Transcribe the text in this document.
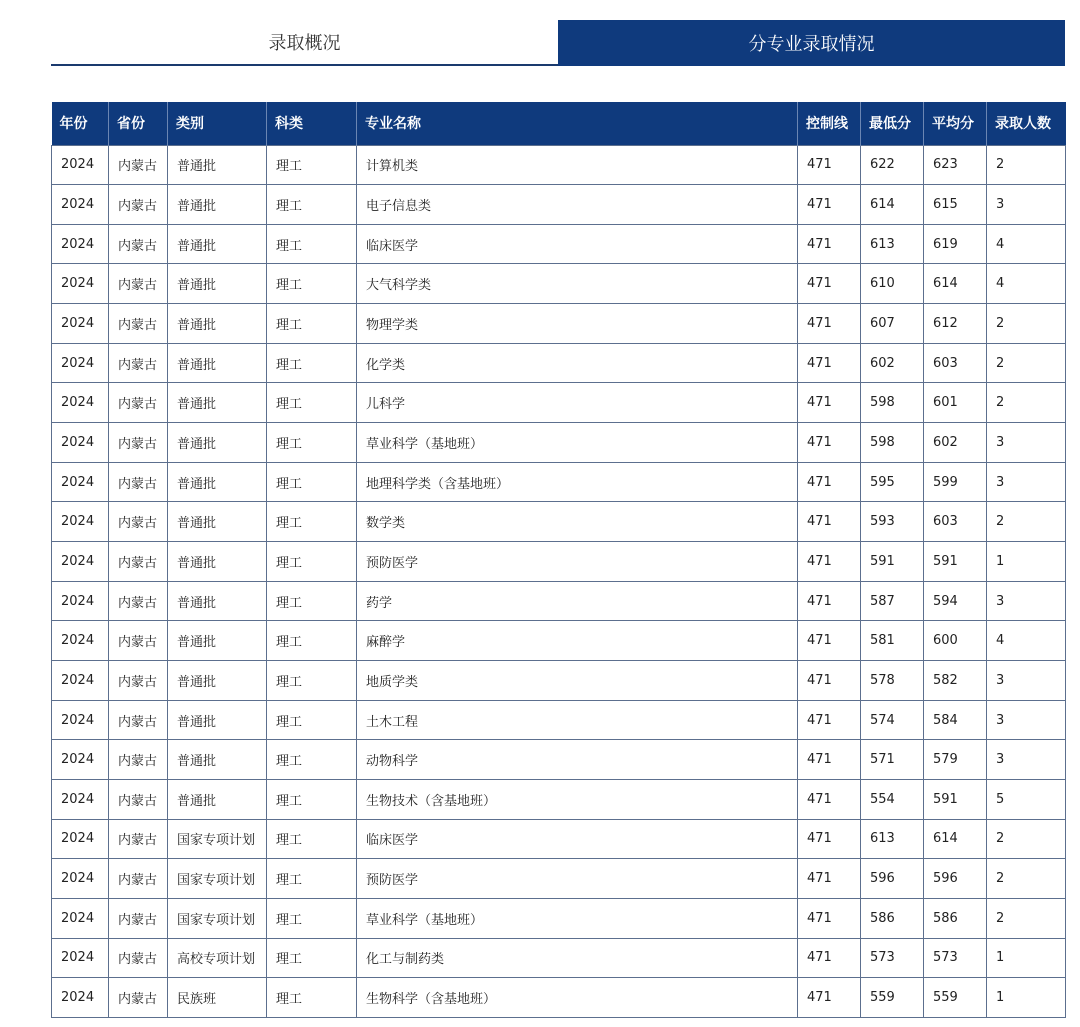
录取概况	分专业录取情况
年份	省份	类别	科类	专业名称	控制线	最低分	平均分	录取人数
2024	内蒙古	普通批	理工	计算机类	471	622	623	2
2024	内蒙古	普通批	理工	电子信息类	471	614	615	3
2024	内蒙古	普通批	理工	临床医学	471	613	619	4
2024	内蒙古	普通批	理工	大气科学类	471	610	614	4
2024	内蒙古	普通批	理工	物理学类	471	607	612	2
2024	内蒙古	普通批	理工	化学类	471	602	603	2
2024	内蒙古	普通批	理工	儿科学	471	598	601	2
2024	内蒙古	普通批	理工	草业科学（基地班）	471	598	602	3
2024	内蒙古	普通批	理工	地理科学类（含基地班）	471	595	599	3
2024	内蒙古	普通批	理工	数学类	471	593	603	2
2024	内蒙古	普通批	理工	预防医学	471	591	591	1
2024	内蒙古	普通批	理工	药学	471	587	594	3
2024	内蒙古	普通批	理工	麻醉学	471	581	600	4
2024	内蒙古	普通批	理工	地质学类	471	578	582	3
2024	内蒙古	普通批	理工	土木工程	471	574	584	3
2024	内蒙古	普通批	理工	动物科学	471	571	579	3
2024	内蒙古	普通批	理工	生物技术（含基地班）	471	554	591	5
2024	内蒙古	国家专项计划	理工	临床医学	471	613	614	2
2024	内蒙古	国家专项计划	理工	预防医学	471	596	596	2
2024	内蒙古	国家专项计划	理工	草业科学（基地班）	471	586	586	2
2024	内蒙古	高校专项计划	理工	化工与制药类	471	573	573	1
2024	内蒙古	民族班	理工	生物科学（含基地班）	471	559	559	1
